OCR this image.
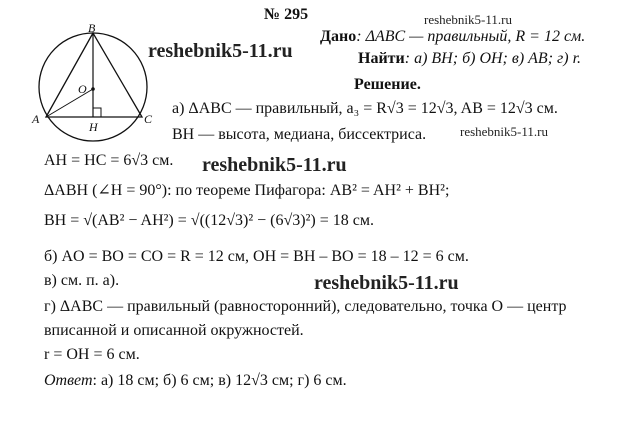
№ 295	reshebnik5-11.ru
reshebnik5-11.ru
reshebnik5-11.ru
reshebnik5-11.ru
reshebnik5-11.ru
B
O
A
H
C
Дано: ΔABC — правильный, R = 12 см.
Найти: а) BH; б) OH; в) AB; г) r.
Решение.
а) ΔABC — правильный, a₃ = R√3 = 12√3, AB = 12√3 см.
BH — высота, медиана, биссектриса.
AH = HC = 6√3 см.
ΔABH (∠H = 90°): по теореме Пифагора: AB² = AH² + BH²;
BH = √(AB² − AH²) = √((12√3)² − (6√3)²) = 18 см.
б) AO = BO = CO = R = 12 см, OH = BH – BO = 18 – 12 = 6 см.
в) см. п. а).
г) ΔABC — правильный (равносторонний), следовательно, точка O — центр
вписанной и описанной окружностей.
r = OH = 6 см.
Ответ: а) 18 см; б) 6 см; в) 12√3 см; г) 6 см.
